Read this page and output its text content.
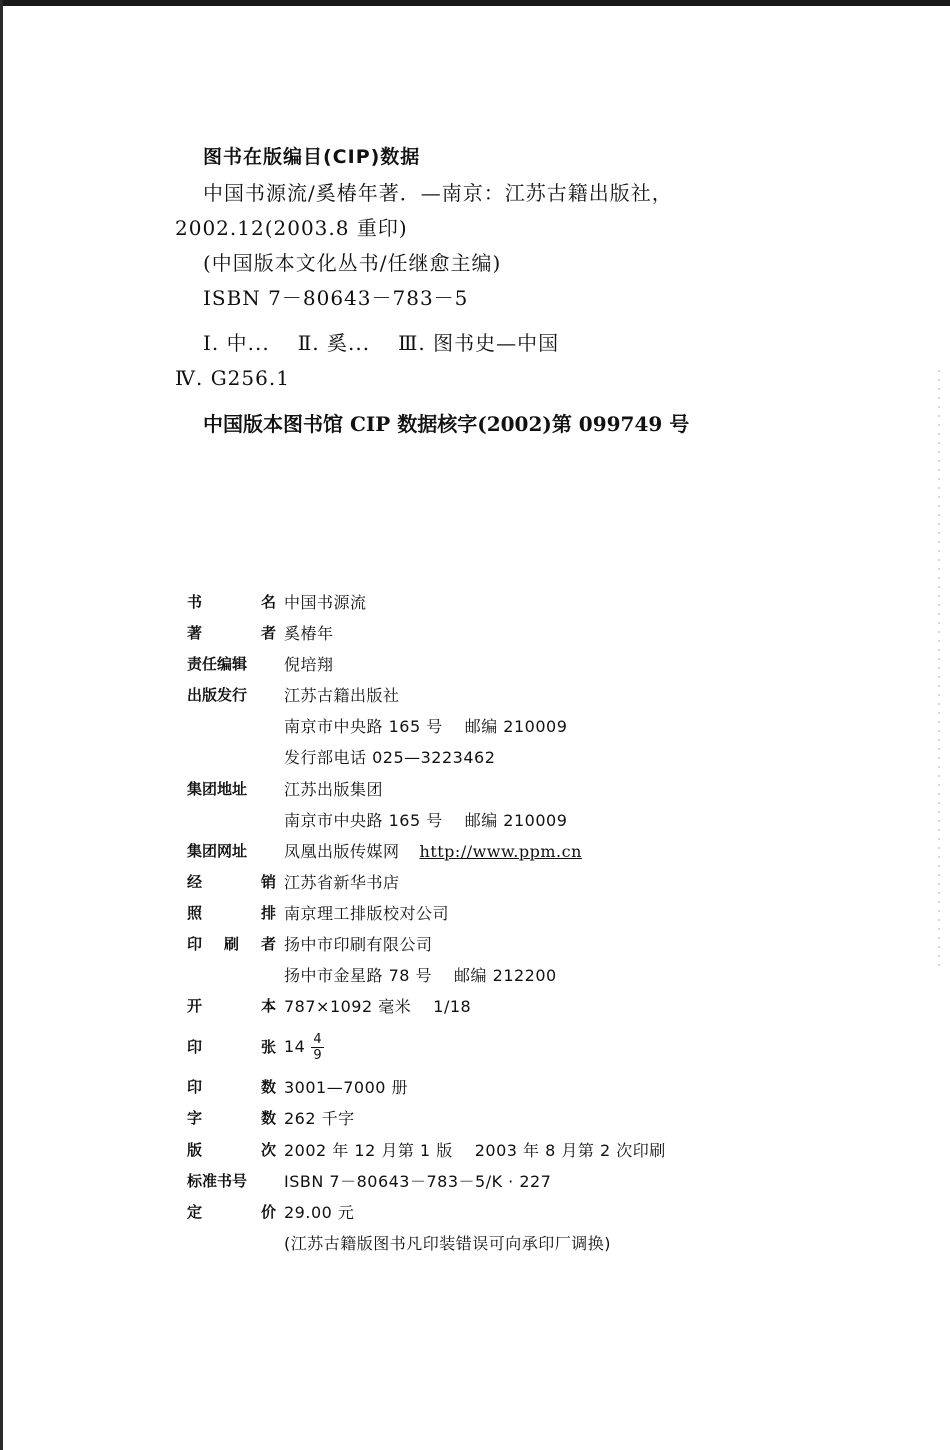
图书在版编目(CIP)数据
中国书源流/奚椿年著．—南京：江苏古籍出版社，
2002.12(2003.8 重印)
(中国版本文化丛书/任继愈主编)
ISBN 7－80643－783－5
Ⅰ. 中... Ⅱ. 奚... Ⅲ. 图书史—中国
Ⅳ. G256.1
中国版本图书馆 CIP 数据核字(2002)第 099749 号
书	名 中国书源流
著	者 奚椿年
责任编辑	倪培翔
出版发行	江苏古籍出版社
南京市中央路 165 号 邮编 210009
发行部电话 025—3223462
集团地址	江苏出版集团
南京市中央路 165 号 邮编 210009
集团网址	凤凰出版传媒网 http://www.ppm.cn
经	销 江苏省新华书店
照	排 南京理工排版校对公司
印 刷 者 扬中市印刷有限公司
扬中市金星路 78 号 邮编 212200
开	本 787×1092 毫米 1/18
印	张 $14 \frac{4}{9}$
印	数 3001—7000 册
字	数 262 千字
版	次 2002 年 12 月第 1 版 2003 年 8 月第 2 次印刷
标准书号	ISBN 7－80643－783－5/K · 227
定	价 29.00 元
(江苏古籍版图书凡印装错误可向承印厂调换)
